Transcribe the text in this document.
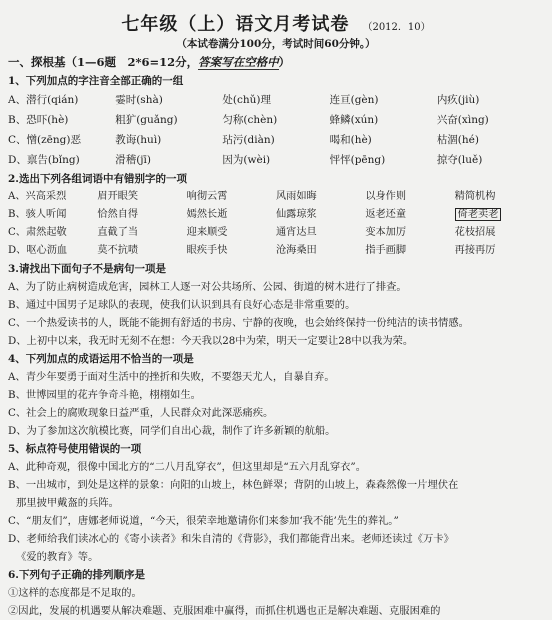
七年级（上）语文月考试卷 （2012．10）
（本试卷满分100分，考试时间60分钟。）
一、探根基（1—6题　2*6=12分，答案写在空格中）
1、下列加点的字注音全部正确的一组
A、潜行(qián)	霎时(shà)	处(chǔ)理	连亘(gèn)	内疚(jiù)
B、恐吓(hè)	粗犷(guǎng)	匀称(chèn)	蜂鳞(xún)	兴奋(xìng)
C、憎(zēng)恶	教诲(huì)	玷污(diàn)	喝和(hè)	枯涸(hé)
D、禀告(bǐng)	滑稽(jī)	因为(wèi)	怦怦(pēng)	掠夺(luě)
2.选出下列各组词语中有错别字的一项
A、兴高采烈	眉开眼笑	响彻云霄	风雨如晦	以身作则	精简机构
B、骇人听闻	恰然自得	嫣然长逝	仙露琼浆	返老还童	倚老卖老
C、肃然起敬	直截了当	迎来顺受	通宵达旦	变本加厉	花枝招展
D、呕心沥血	莫不抗啧	眼疾手快	沧海桑田	指手画脚	再接再厉
3.请找出下面句子不是病句一项是
A、为了防止病树造成危害，园林工人逐一对公共场所、公园、街道的树木进行了排查。
B、通过中国男子足球队的表现，使我们认识到具有良好心态是非常重要的。
C、一个热爱读书的人，既能不能拥有舒适的书房、宁静的夜晚，也会始终保持一份纯洁的读书情感。
D、上初中以来，我无时无刻不在想：今天我以28中为荣，明天一定要让28中以我为荣。
4、下列加点的成语运用不恰当的一项是
A、青少年要勇于面对生活中的挫折和失败，不要怨天尤人，自暴自弃。
B、世博园里的花卉争奇斗艳，栩栩如生。
C、社会上的腐败现象日益严重，人民群众对此深恶痛疾。
D、为了参加这次航模比赛，同学们自出心裁，制作了许多新颖的航船。
5、标点符号使用错误的一项
A、此种奇观，很像中国北方的“二八月乱穿衣”，但这里却是“五六月乱穿衣”。
B、一出城市，到处是这样的景象：向阳的山坡上，林色鲜翠；背阴的山坡上，森森然像一片埋伏在
那里披甲戴盔的兵阵。
C、“朋友们”，唐娜老师说道，“今天，很荣幸地邀请你们来参加‘我不能’先生的葬礼。”
D、老师给我们读冰心的《寄小读者》和朱自清的《背影》，我们都能背出来。老师还读过《万卡》
《爱的教育》等。
6.下列句子正确的排列顺序是
①这样的态度都是不足取的。
②因此，发展的机遇要从解决难题、克服困难中赢得，而抓住机遇也正是解决难题、克服困难的
